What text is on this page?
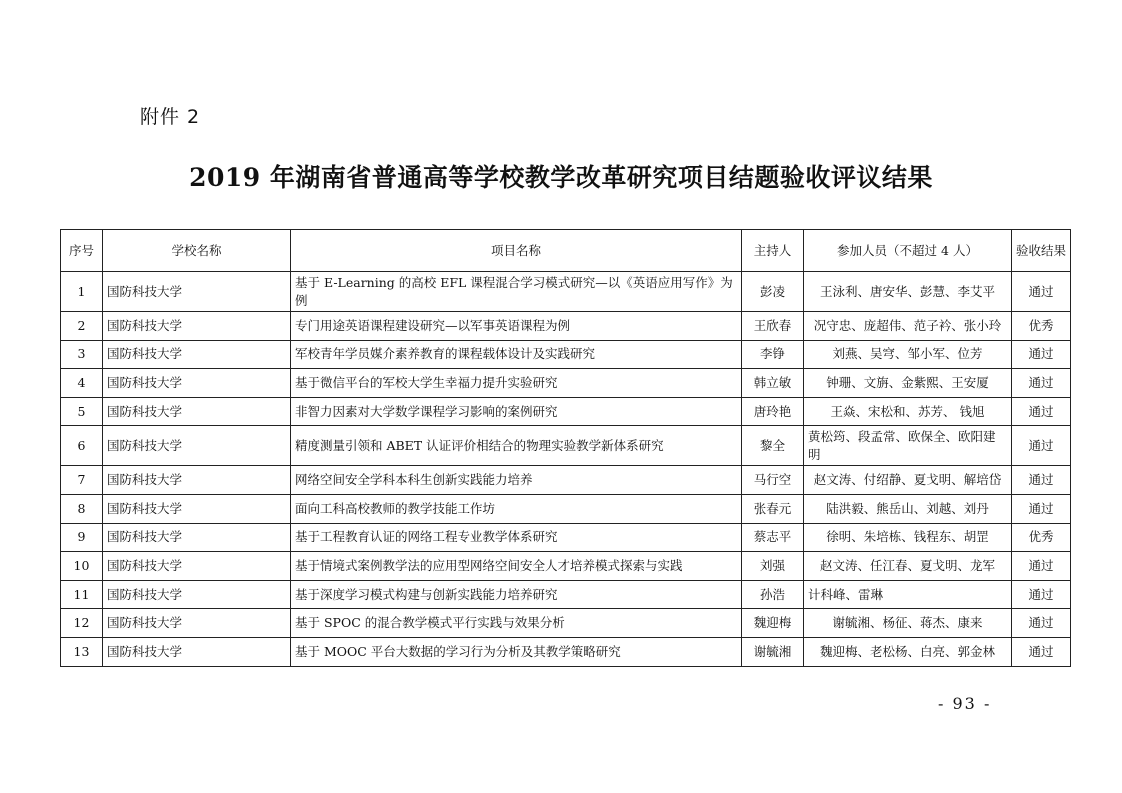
附件 2
2019 年湖南省普通高等学校教学改革研究项目结题验收评议结果
序号	学校名称	项目名称	主持人	参加人员（不超过 4 人）	验收结果
1	国防科技大学	基于 E-Learning 的高校 EFL 课程混合学习模式研究—以《英语应用写作》为例	彭凌	王泳利、唐安华、彭慧、李艾平	通过
2	国防科技大学	专门用途英语课程建设研究—以军事英语课程为例	王欣春	况守忠、庞超伟、范子衿、张小玲	优秀
3	国防科技大学	军校青年学员媒介素养教育的课程载体设计及实践研究	李铮	刘燕、吴穹、邹小军、位芳	通过
4	国防科技大学	基于微信平台的军校大学生幸福力提升实验研究	韩立敏	钟珊、文旃、金紫熙、王安厦	通过
5	国防科技大学	非智力因素对大学数学课程学习影响的案例研究	唐玲艳	王焱、宋松和、苏芳、 钱旭	通过
6	国防科技大学	精度测量引领和 ABET 认证评价相结合的物理实验教学新体系研究	黎全	黄松筠、段孟常、欧保全、欧阳建明	通过
7	国防科技大学	网络空间安全学科本科生创新实践能力培养	马行空	赵文涛、付绍静、夏戈明、解培岱	通过
8	国防科技大学	面向工科高校教师的教学技能工作坊	张春元	陆洪毅、熊岳山、刘越、刘丹	通过
9	国防科技大学	基于工程教育认证的网络工程专业教学体系研究	蔡志平	徐明、朱培栋、钱程东、胡罡	优秀
10	国防科技大学	基于情境式案例教学法的应用型网络空间安全人才培养模式探索与实践	刘强	赵文涛、任江春、夏戈明、龙军	通过
11	国防科技大学	基于深度学习模式构建与创新实践能力培养研究	孙浩	计科峰、雷琳	通过
12	国防科技大学	基于 SPOC 的混合教学模式平行实践与效果分析	魏迎梅	谢毓湘、杨征、蒋杰、康来	通过
13	国防科技大学	基于 MOOC 平台大数据的学习行为分析及其教学策略研究	谢毓湘	魏迎梅、老松杨、白亮、郭金林	通过
- 93 -
